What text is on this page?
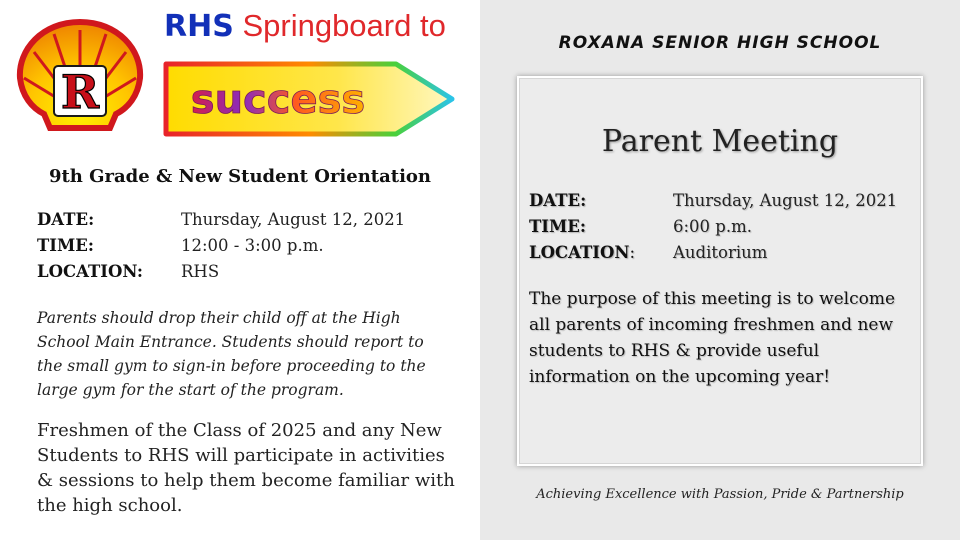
R
RHS Springboard to
success
9th Grade & New Student Orientation
DATE:	Thursday, August 12, 2021
TIME:	12:00 - 3:00 p.m.
LOCATION:	RHS
Parents should drop their child off at the High School Main Entrance. Students should report to the small gym to sign-in before proceeding to the large gym for the start of the program.
Freshmen of the Class of 2025 and any New Students to RHS will participate in activities & sessions to help them become familiar with the high school.
ROXANA SENIOR HIGH SCHOOL
Parent Meeting
DATE:	Thursday, August 12, 2021
TIME:	6:00 p.m.
LOCATION:	Auditorium
The purpose of this meeting is to welcome all parents of incoming freshmen and new students to RHS & provide useful information on the upcoming year!
Achieving Excellence with Passion, Pride & Partnership
